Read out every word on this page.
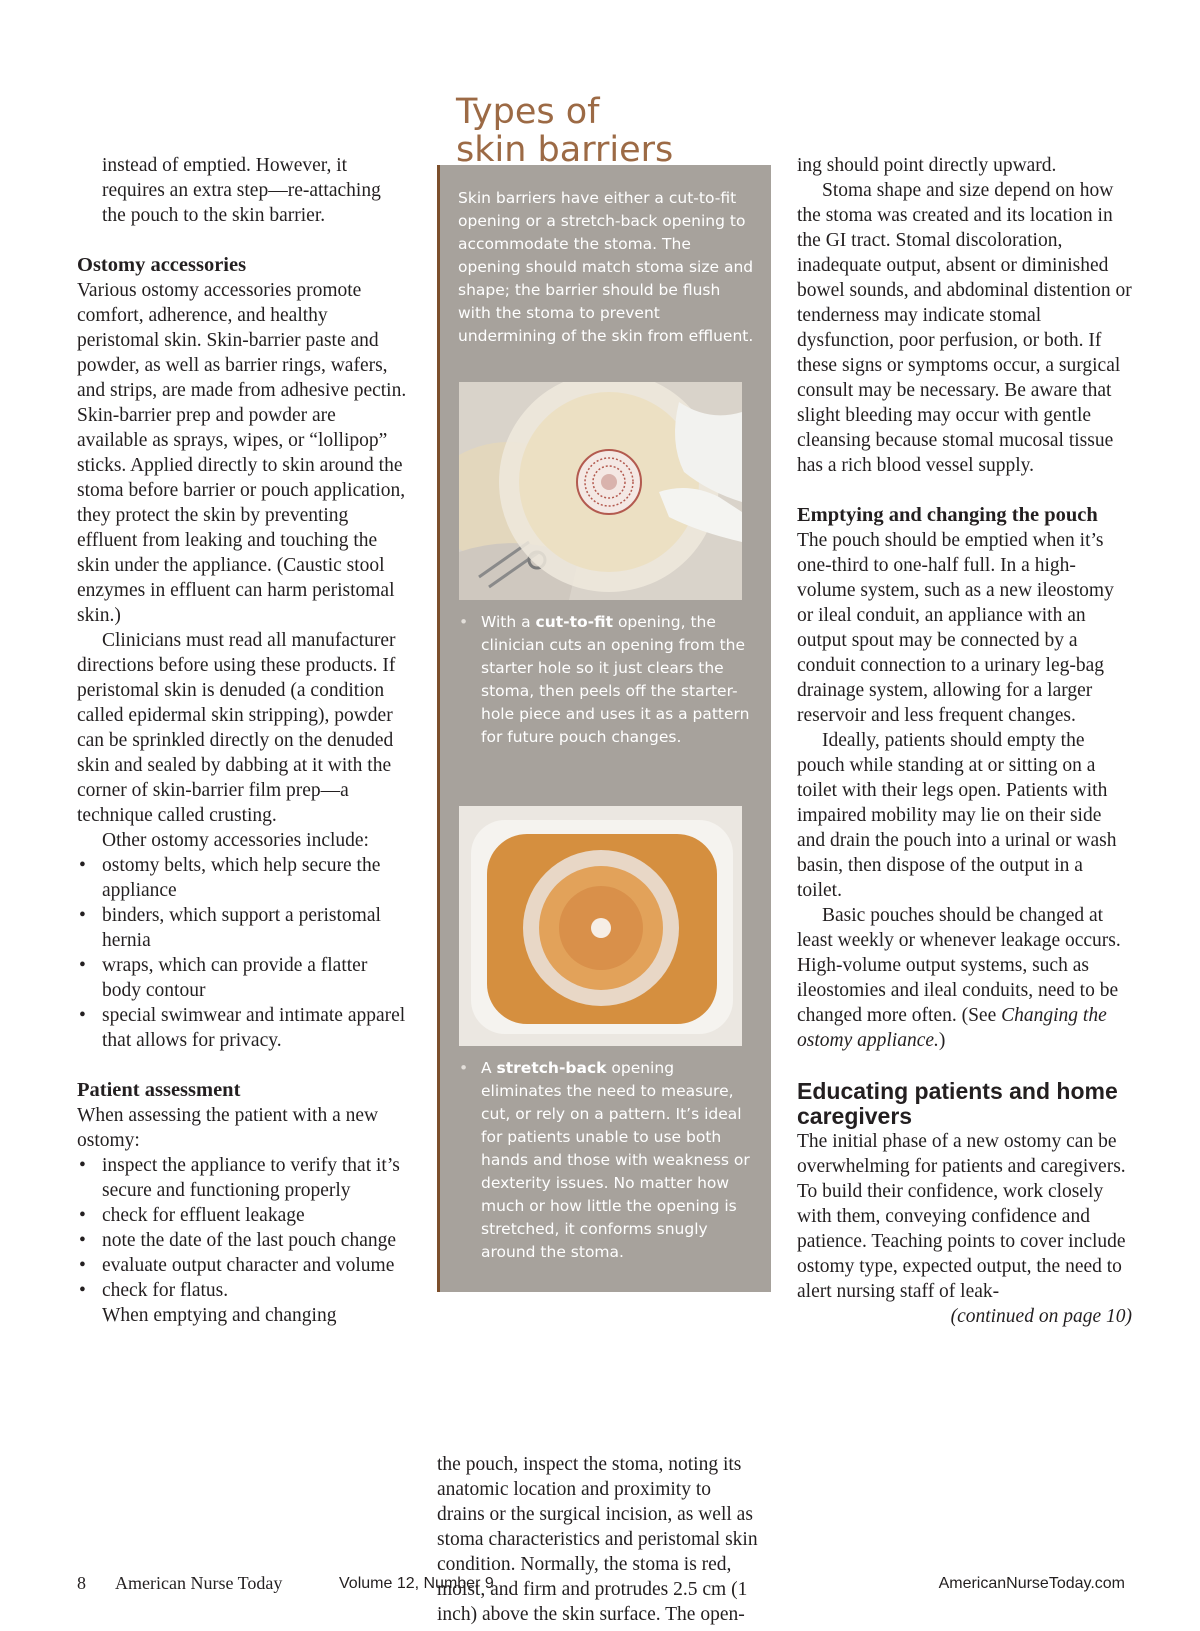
instead of emptied. However, it requires an extra step—re-attaching the pouch to the skin barrier.

Ostomy accessories

Various ostomy accessories promote comfort, adherence, and healthy peristomal skin. Skin-barrier paste and powder, as well as barrier rings, wafers, and strips, are made from adhesive pectin. Skin-barrier prep and powder are available as sprays, wipes, or “lollipop” sticks. Applied directly to skin around the stoma before barrier or pouch application, they protect the skin by preventing effluent from leaking and touching the skin under the appliance. (Caustic stool enzymes in effluent can harm peristomal skin.)

Clinicians must read all manufacturer directions before using these products. If peristomal skin is denuded (a condition called epidermal skin stripping), powder can be sprinkled directly on the denuded skin and sealed by dabbing at it with the corner of skin-barrier film prep—a technique called crusting.

Other ostomy accessories include:

• ostomy belts, which help secure the appliance
• binders, which support a peristomal hernia
• wraps, which can provide a flatter body contour
• special swimwear and intimate apparel that allows for privacy.

Patient assessment

When assessing the patient with a new ostomy:

• inspect the appliance to verify that it’s secure and functioning properly
• check for effluent leakage
• note the date of the last pouch change
• evaluate output character and volume
• check for flatus.

When emptying and changing

Types of
skin barriers

Skin barriers have either a cut-to-fit opening or a stretch-back opening to accommodate the stoma. The opening should match stoma size and shape; the barrier should be flush with the stoma to prevent undermining of the skin from effluent.

• With a cut-to-fit opening, the clinician cuts an opening from the starter hole so it just clears the stoma, then peels off the starter-hole piece and uses it as a pattern for future pouch changes.

• A stretch-back opening eliminates the need to measure, cut, or rely on a pattern. It’s ideal for patients unable to use both hands and those with weakness or dexterity issues. No matter how much or how little the opening is stretched, it conforms snugly around the stoma.

the pouch, inspect the stoma, noting its anatomic location and proximity to drains or the surgical incision, as well as stoma characteristics and peristomal skin condition. Normally, the stoma is red, moist, and firm and protrudes 2.5 cm (1 inch) above the skin surface. The open-

ing should point directly upward.

Stoma shape and size depend on how the stoma was created and its location in the GI tract. Stomal discoloration, inadequate output, absent or diminished bowel sounds, and abdominal distention or tenderness may indicate stomal dysfunction, poor perfusion, or both. If these signs or symptoms occur, a surgical consult may be necessary. Be aware that slight bleeding may occur with gentle cleansing because stomal mucosal tissue has a rich blood vessel supply.

Emptying and changing the pouch

The pouch should be emptied when it’s one-third to one-half full. In a high-volume system, such as a new ileostomy or ileal conduit, an appliance with an output spout may be connected by a conduit connection to a urinary leg-bag drainage system, allowing for a larger reservoir and less frequent changes.

Ideally, patients should empty the pouch while standing at or sitting on a toilet with their legs open. Patients with impaired mobility may lie on their side and drain the pouch into a urinal or wash basin, then dispose of the output in a toilet.

Basic pouches should be changed at least weekly or whenever leakage occurs. High-volume output systems, such as ileostomies and ileal conduits, need to be changed more often. (See Changing the ostomy appliance.)

Educating patients and home caregivers

The initial phase of a new ostomy can be overwhelming for patients and caregivers. To build their confidence, work closely with them, conveying confidence and patience. Teaching points to cover include ostomy type, expected output, the need to alert nursing staff of leak-

(continued on page 10)

8 American Nurse Today	Volume 12, Number 9	AmericanNurseToday.com
